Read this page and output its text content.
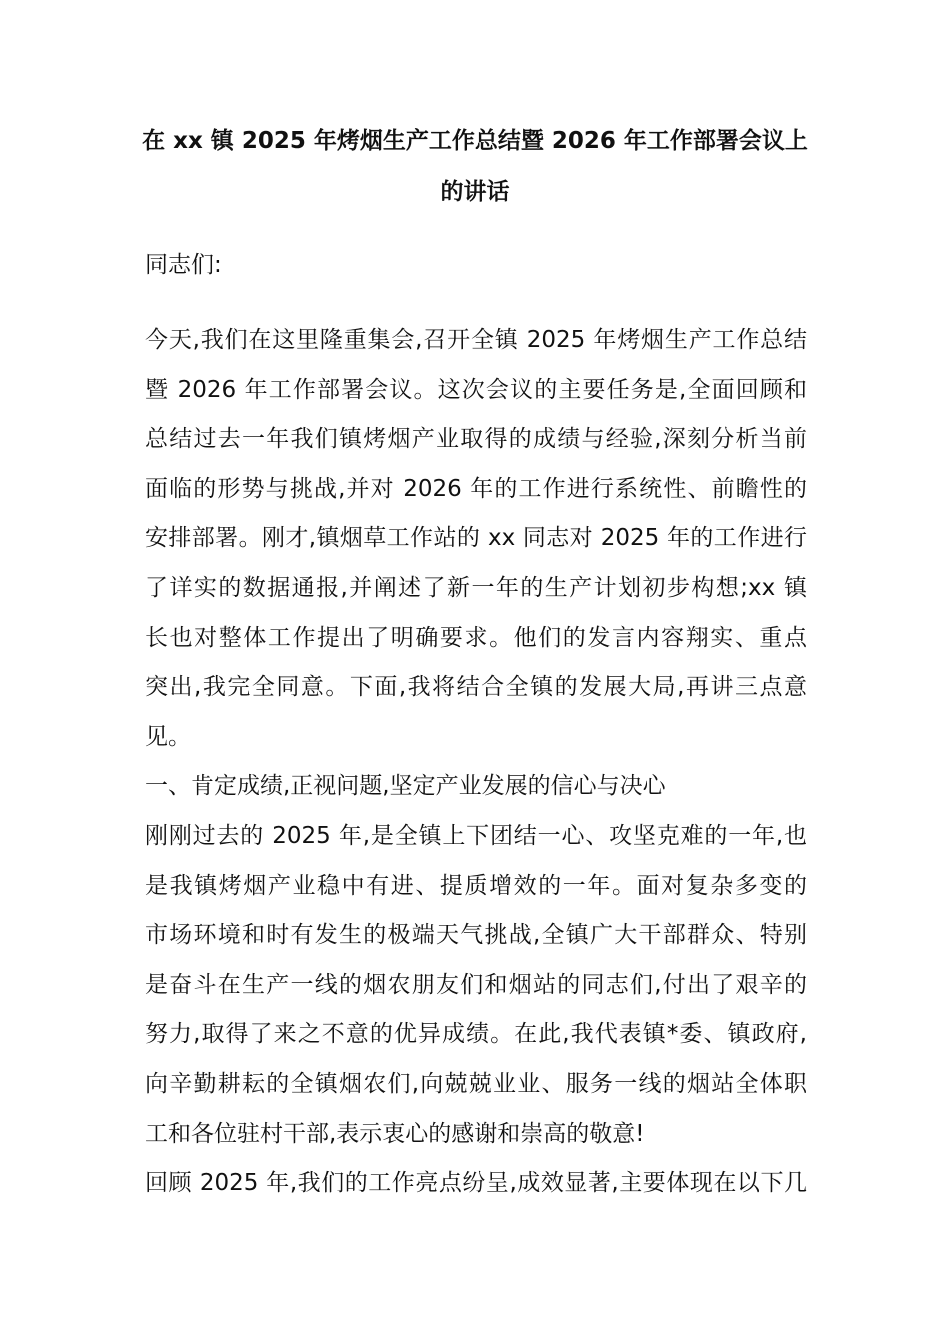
在 xx 镇 2025 年烤烟生产工作总结暨 2026 年工作部署会议上
的讲话
同志们:
今天,我们在这里隆重集会,召开全镇 2025 年烤烟生产工作总结
暨 2026 年工作部署会议。这次会议的主要任务是,全面回顾和
总结过去一年我们镇烤烟产业取得的成绩与经验,深刻分析当前
面临的形势与挑战,并对 2026 年的工作进行系统性、前瞻性的
安排部署。刚才,镇烟草工作站的 xx 同志对 2025 年的工作进行
了详实的数据通报,并阐述了新一年的生产计划初步构想;xx 镇
长也对整体工作提出了明确要求。他们的发言内容翔实、重点
突出,我完全同意。下面,我将结合全镇的发展大局,再讲三点意
见。
一、肯定成绩,正视问题,坚定产业发展的信心与决心
刚刚过去的 2025 年,是全镇上下团结一心、攻坚克难的一年,也
是我镇烤烟产业稳中有进、提质增效的一年。面对复杂多变的
市场环境和时有发生的极端天气挑战,全镇广大干部群众、特别
是奋斗在生产一线的烟农朋友们和烟站的同志们,付出了艰辛的
努力,取得了来之不意的优异成绩。在此,我代表镇*委、镇政府,
向辛勤耕耘的全镇烟农们,向兢兢业业、服务一线的烟站全体职
工和各位驻村干部,表示衷心的感谢和崇高的敬意!
回顾 2025 年,我们的工作亮点纷呈,成效显著,主要体现在以下几
